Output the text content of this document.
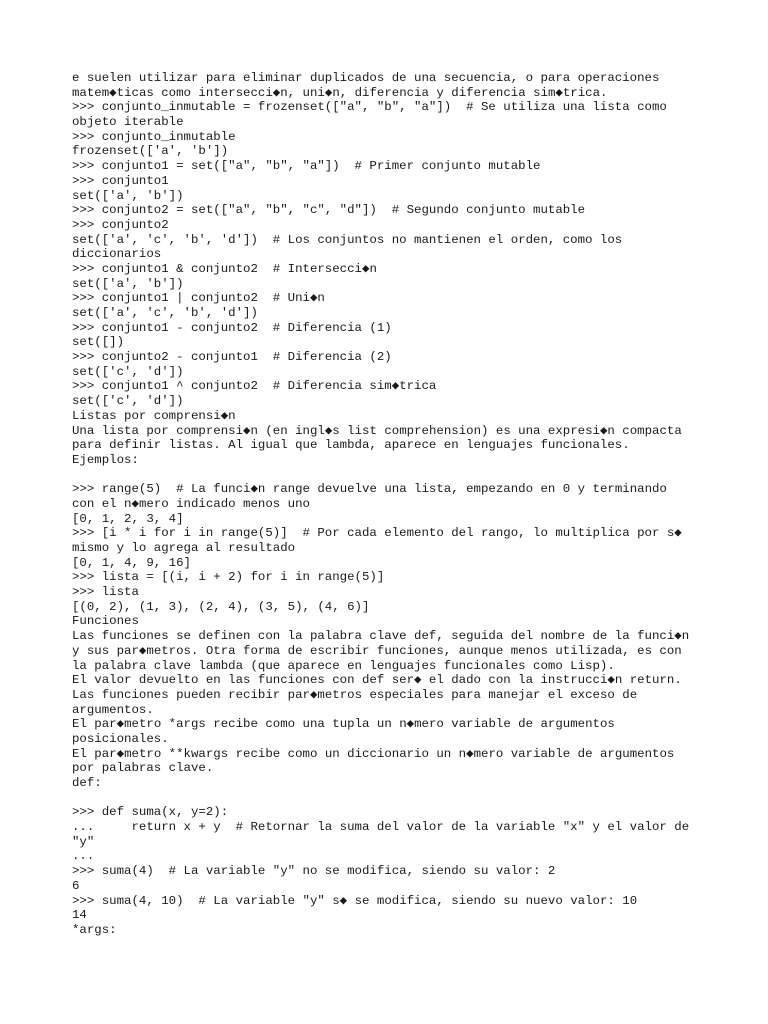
e suelen utilizar para eliminar duplicados de una secuencia, o para operaciones
matem◆ticas como intersecci◆n, uni◆n, diferencia y diferencia sim◆trica.
>>> conjunto_inmutable = frozenset(["a", "b", "a"])  # Se utiliza una lista como
objeto iterable
>>> conjunto_inmutable
frozenset(['a', 'b'])
>>> conjunto1 = set(["a", "b", "a"])  # Primer conjunto mutable
>>> conjunto1
set(['a', 'b'])
>>> conjunto2 = set(["a", "b", "c", "d"])  # Segundo conjunto mutable
>>> conjunto2
set(['a', 'c', 'b', 'd'])  # Los conjuntos no mantienen el orden, como los
diccionarios
>>> conjunto1 & conjunto2  # Intersecci◆n
set(['a', 'b'])
>>> conjunto1 | conjunto2  # Uni◆n
set(['a', 'c', 'b', 'd'])
>>> conjunto1 - conjunto2  # Diferencia (1)
set([])
>>> conjunto2 - conjunto1  # Diferencia (2)
set(['c', 'd'])
>>> conjunto1 ^ conjunto2  # Diferencia sim◆trica
set(['c', 'd'])
Listas por comprensi◆n
Una lista por comprensi◆n (en ingl◆s list comprehension) es una expresi◆n compacta
para definir listas. Al igual que lambda, aparece en lenguajes funcionales.
Ejemplos:
>>> range(5)  # La funci◆n range devuelve una lista, empezando en 0 y terminando
con el n◆mero indicado menos uno
[0, 1, 2, 3, 4]
>>> [i * i for i in range(5)]  # Por cada elemento del rango, lo multiplica por s◆
mismo y lo agrega al resultado
[0, 1, 4, 9, 16]
>>> lista = [(i, i + 2) for i in range(5)]
>>> lista
[(0, 2), (1, 3), (2, 4), (3, 5), (4, 6)]
Funciones
Las funciones se definen con la palabra clave def, seguida del nombre de la funci◆n
y sus par◆metros. Otra forma de escribir funciones, aunque menos utilizada, es con
la palabra clave lambda (que aparece en lenguajes funcionales como Lisp).
El valor devuelto en las funciones con def ser◆ el dado con la instrucci◆n return.
Las funciones pueden recibir par◆metros especiales para manejar el exceso de
argumentos.
El par◆metro *args recibe como una tupla un n◆mero variable de argumentos
posicionales.
El par◆metro **kwargs recibe como un diccionario un n◆mero variable de argumentos
por palabras clave.
def:
>>> def suma(x, y=2):
...     return x + y  # Retornar la suma del valor de la variable "x" y el valor de
"y"
...
>>> suma(4)  # La variable "y" no se modifica, siendo su valor: 2
6
>>> suma(4, 10)  # La variable "y" s◆ se modifica, siendo su nuevo valor: 10
14
*args:
